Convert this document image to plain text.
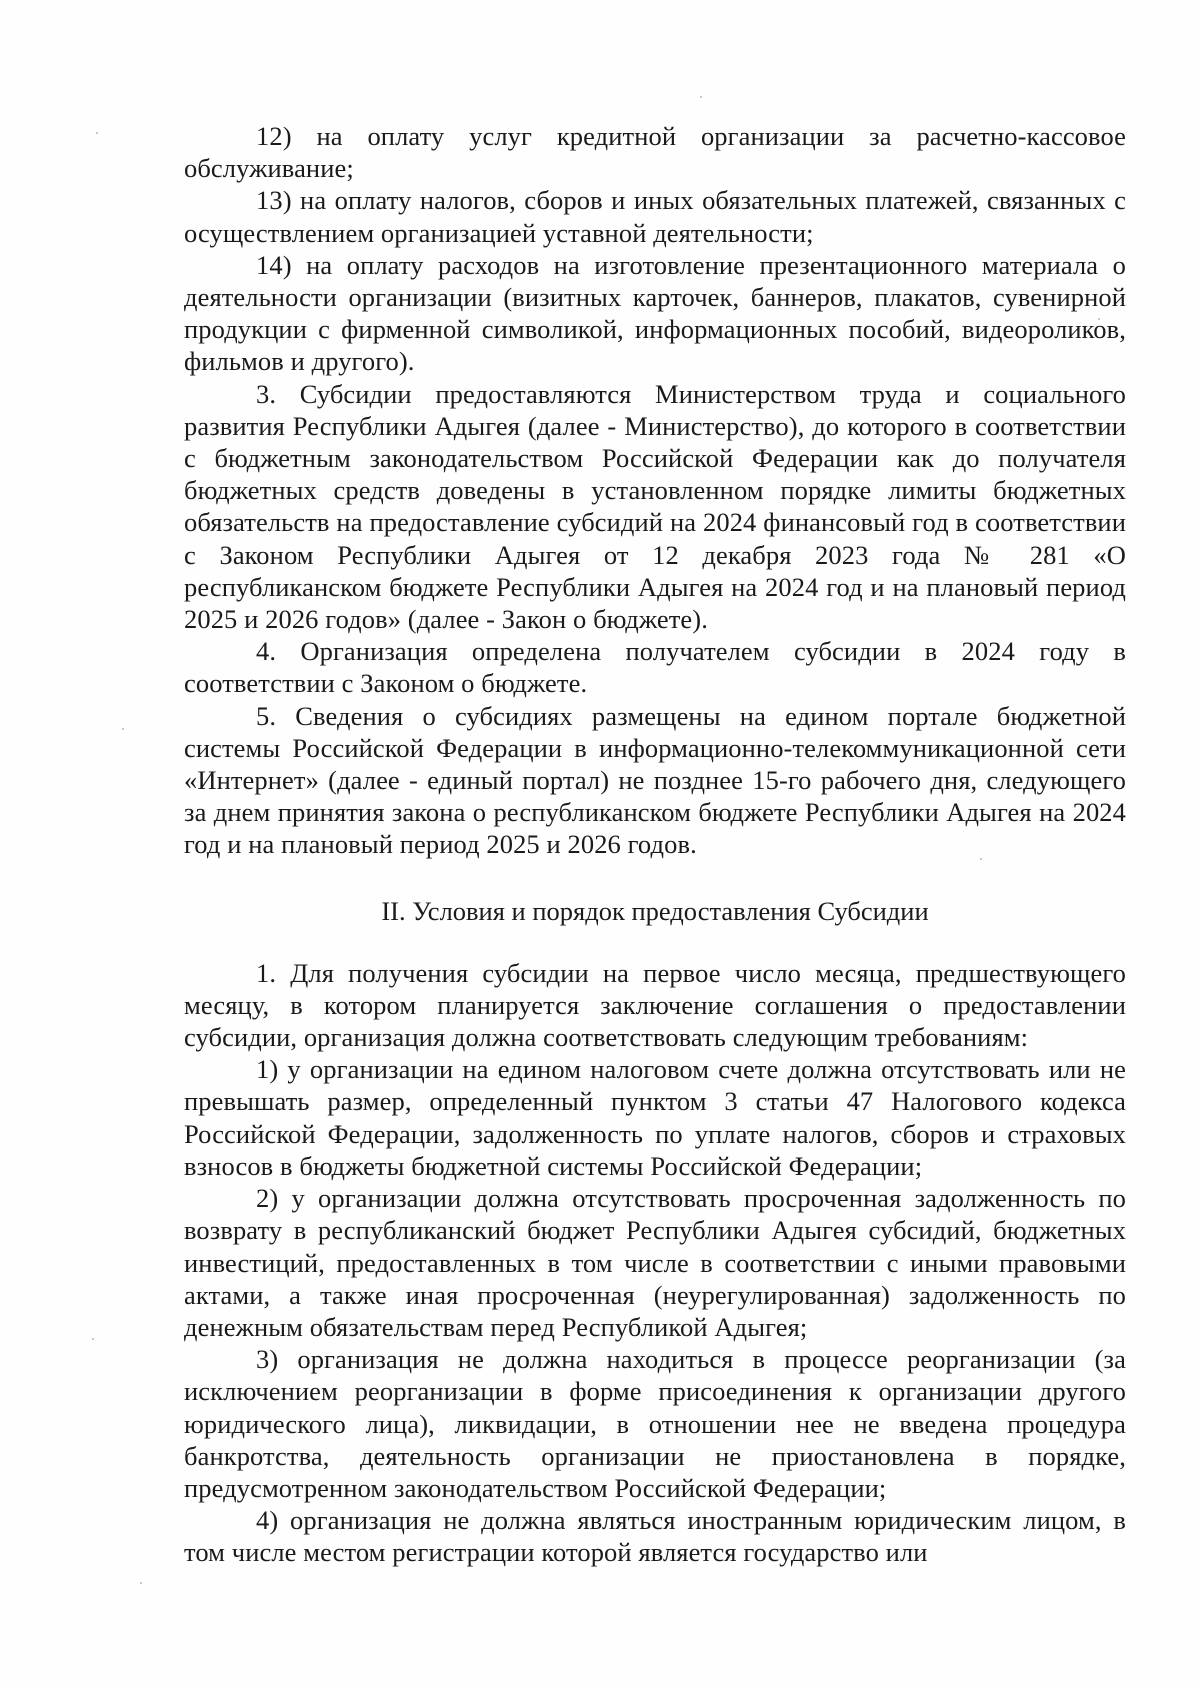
12) на оплату услуг кредитной организации за расчетно-кассовое обслуживание;

13) на оплату налогов, сборов и иных обязательных платежей, связанных с осуществлением организацией уставной деятельности;

14) на оплату расходов на изготовление презентационного материала о деятельности организации (визитных карточек, баннеров, плакатов, сувенирной продукции с фирменной символикой, информационных пособий, видеороликов, фильмов и другого).

3. Субсидии предоставляются Министерством труда и социального развития Республики Адыгея (далее - Министерство), до которого в соответствии с бюджетным законодательством Российской Федерации как до получателя бюджетных средств доведены в установленном порядке лимиты бюджетных обязательств на предоставление субсидий на 2024 финансовый год в соответствии с Законом Республики Адыгея от 12 декабря 2023 года № 281 «О республиканском бюджете Республики Адыгея на 2024 год и на плановый период 2025 и 2026 годов» (далее - Закон о бюджете).

4. Организация определена получателем субсидии в 2024 году в соответствии с Законом о бюджете.

5. Сведения о субсидиях размещены на едином портале бюджетной системы Российской Федерации в информационно-телекоммуникационной сети «Интернет» (далее - единый портал) не позднее 15-го рабочего дня, следующего за днем принятия закона о республиканском бюджете Республики Адыгея на 2024 год и на плановый период 2025 и 2026 годов.

II. Условия и порядок предоставления Субсидии

1. Для получения субсидии на первое число месяца, предшествующего месяцу, в котором планируется заключение соглашения о предоставлении субсидии, организация должна соответствовать следующим требованиям:

1) у организации на едином налоговом счете должна отсутствовать или не превышать размер, определенный пунктом 3 статьи 47 Налогового кодекса Российской Федерации, задолженность по уплате налогов, сборов и страховых взносов в бюджеты бюджетной системы Российской Федерации;

2) у организации должна отсутствовать просроченная задолженность по возврату в республиканский бюджет Республики Адыгея субсидий, бюджетных инвестиций, предоставленных в том числе в соответствии с иными правовыми актами, а также иная просроченная (неурегулированная) задолженность по денежным обязательствам перед Республикой Адыгея;

3) организация не должна находиться в процессе реорганизации (за исключением реорганизации в форме присоединения к организации другого юридического лица), ликвидации, в отношении нее не введена процедура банкротства, деятельность организации не приостановлена в порядке, предусмотренном законодательством Российской Федерации;

4) организация не должна являться иностранным юридическим лицом, в том числе местом регистрации которой является государство или
